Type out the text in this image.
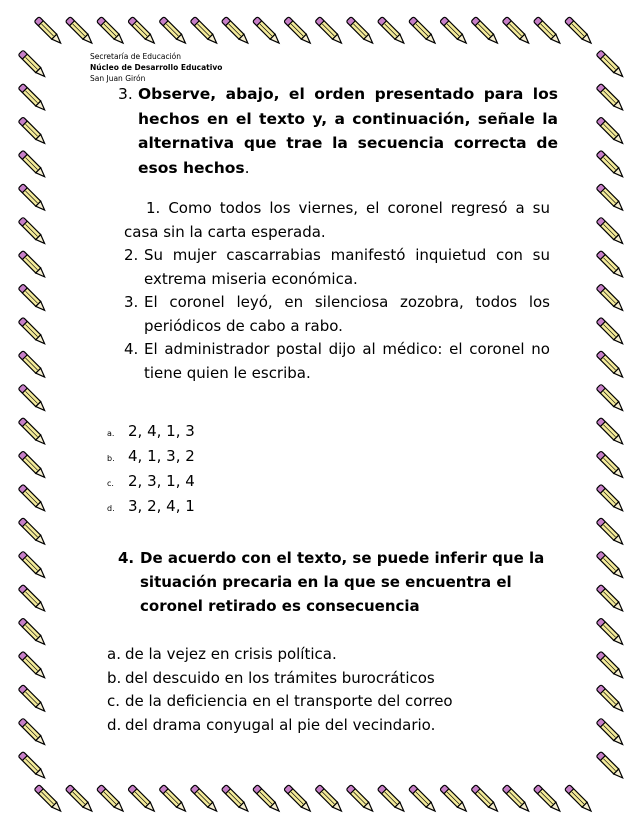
Secretaría de Educación
Núcleo de Desarrollo Educativo
San Juan Girón
3. Observe, abajo, el orden presentado para los hechos en el texto y, a continuación, señale la alternativa que trae la secuencia correcta de esos hechos.
1. Como todos los viernes, el coronel regresó a su casa sin la carta esperada.
2. Su mujer cascarrabias manifestó inquietud con su extrema miseria económica.
3. El coronel leyó, en silenciosa zozobra, todos los periódicos de cabo a rabo.
4. El administrador postal dijo al médico: el coronel no tiene quien le escriba.
a. 2, 4, 1, 3
b. 4, 1, 3, 2
c. 2, 3, 1, 4
d. 3, 2, 4, 1
4. De acuerdo con el texto, se puede inferir que la situación precaria en la que se encuentra el coronel retirado es consecuencia
a. de la vejez en crisis política.
b. del descuido en los trámites burocráticos
c. de la deficiencia en el transporte del correo
d. del drama conyugal al pie del vecindario.
